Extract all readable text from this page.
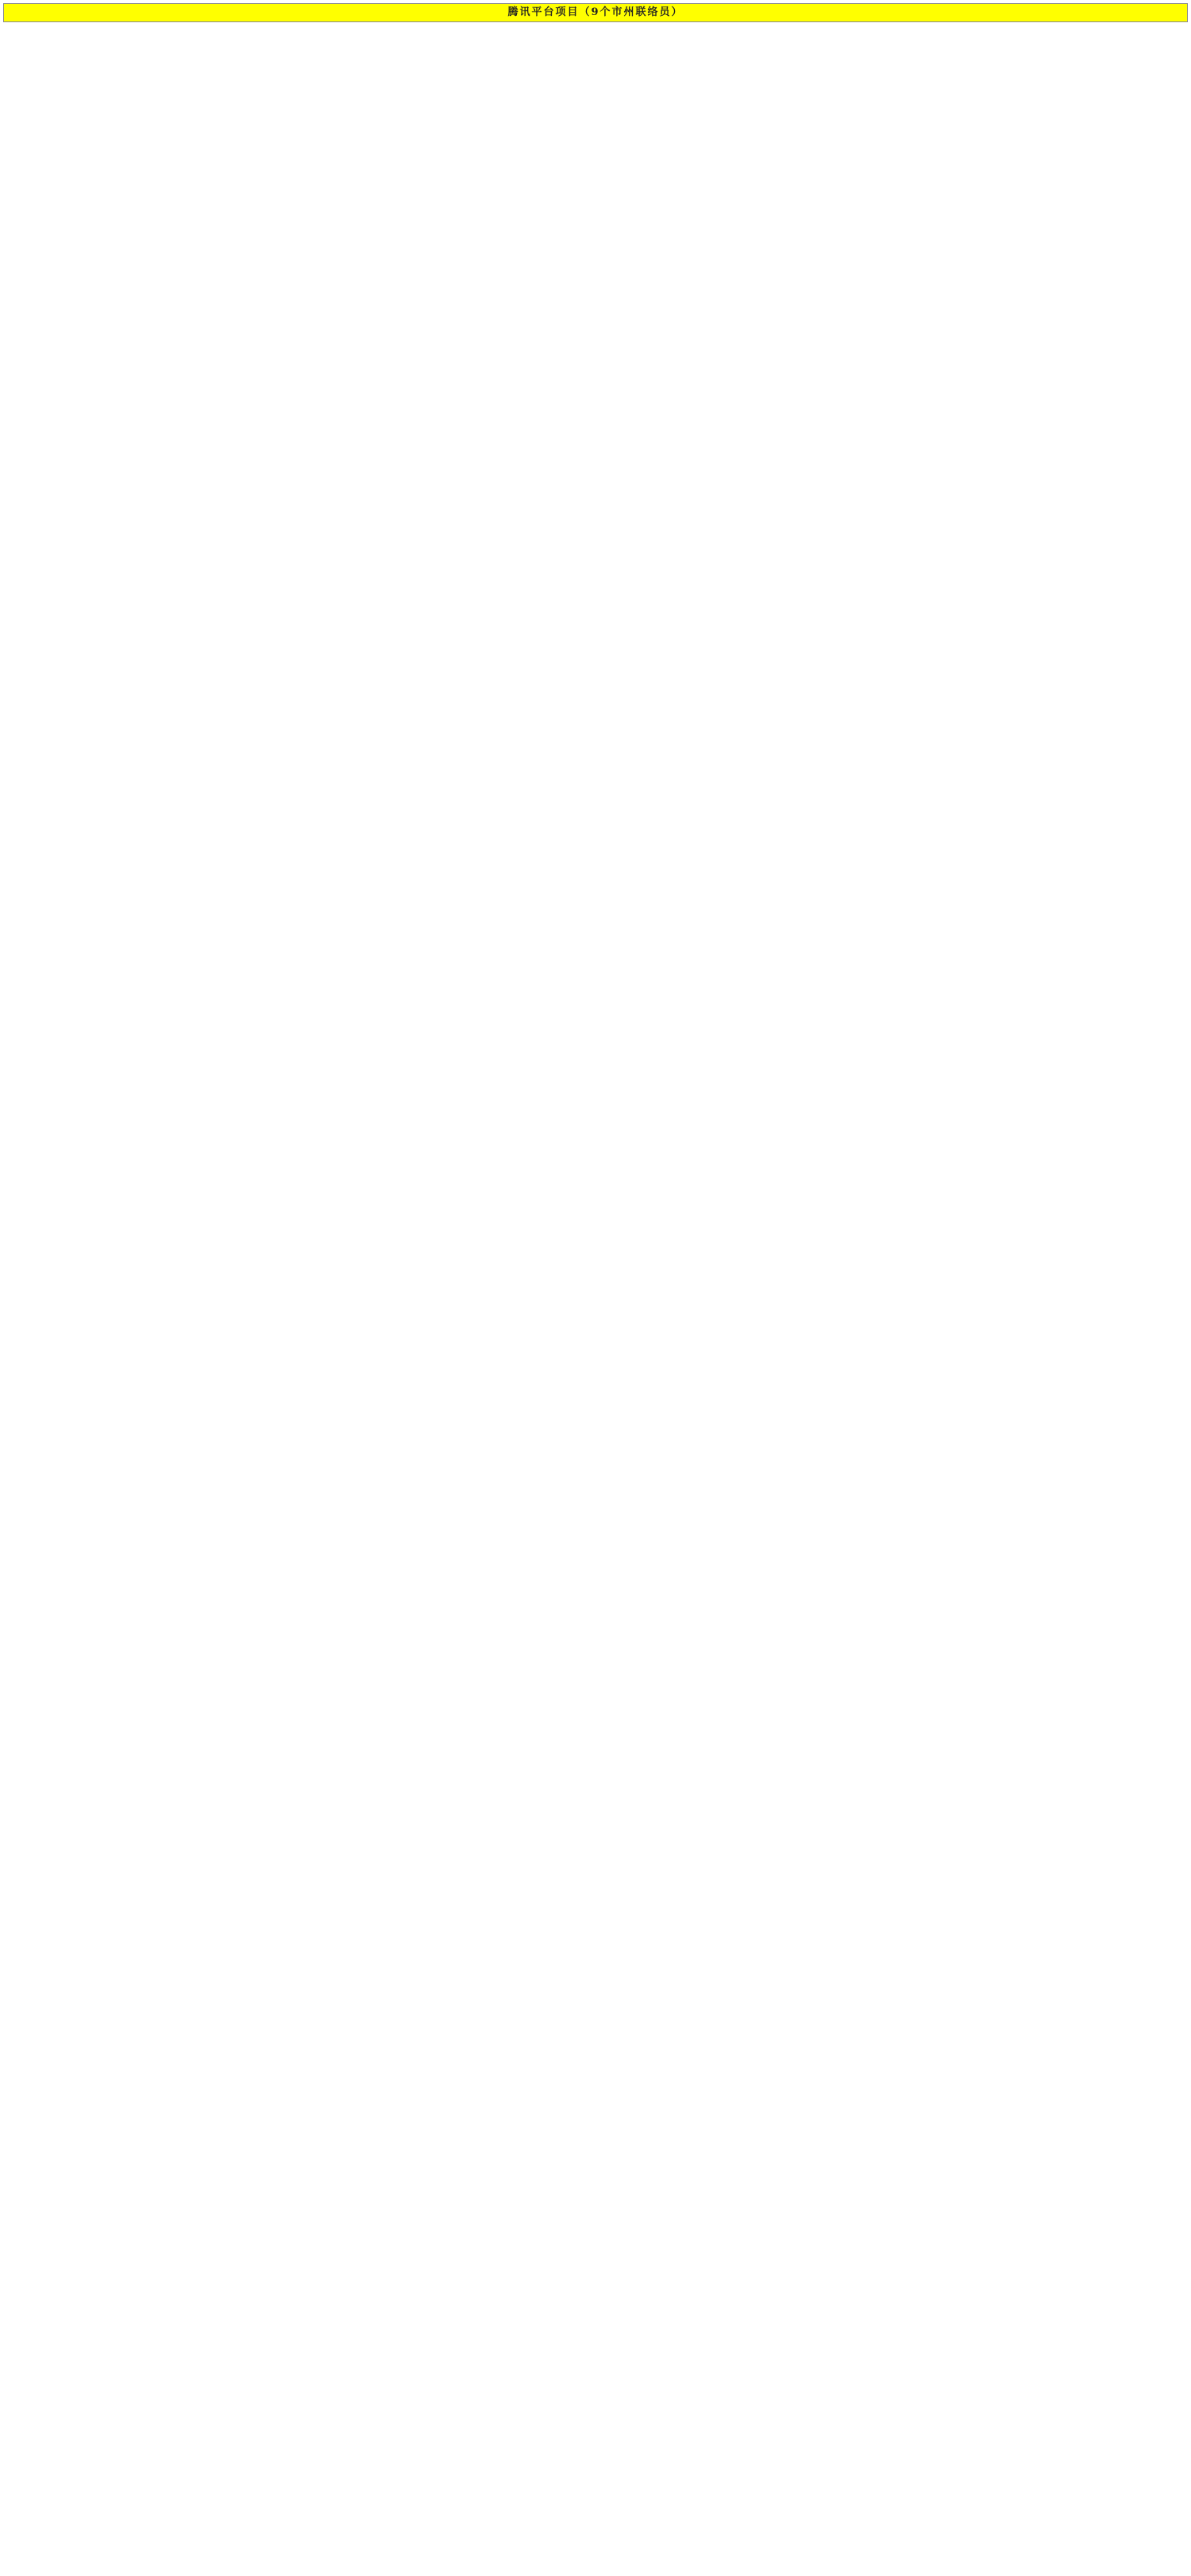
腾讯平台项目（9个市州联络员）
